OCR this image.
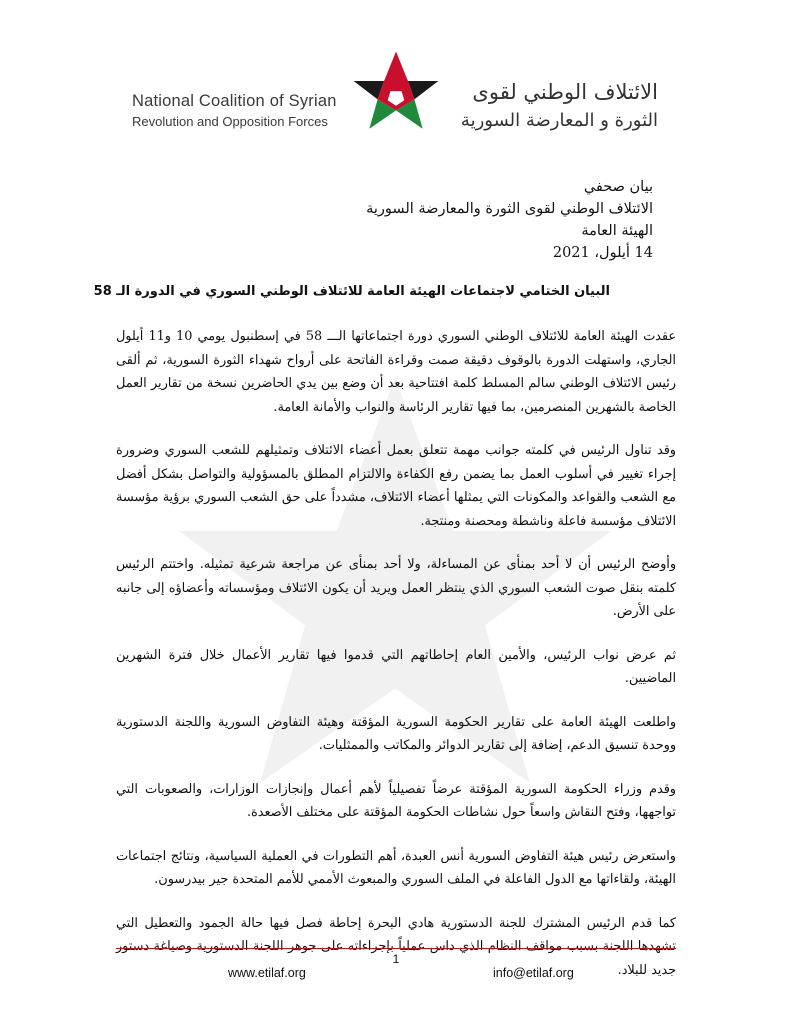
National Coalition of Syrian
Revolution and Opposition Forces
الائتلاف الوطني لقوى
الثورة و المعارضة السورية
بيان صحفي
الائتلاف الوطني لقوى الثورة والمعارضة السورية
الهيئة العامة
14 أيلول، 2021
البيان الختامي لاجتماعات الهيئة العامة للائتلاف الوطني السوري في الدورة الـ 58

عقدت الهيئة العامة للائتلاف الوطني السوري دورة اجتماعاتها الـــ 58 في إسطنبول يومي 10 و11 أيلول الجاري، واستهلت الدورة بالوقوف دقيقة صمت وقراءة الفاتحة على أرواح شهداء الثورة السورية، ثم ألقى رئيس الائتلاف الوطني سالم المسلط كلمة افتتاحية بعد أن وضع بين يدي الحاضرين نسخة من تقارير العمل الخاصة بالشهرين المنصرمين، بما فيها تقارير الرئاسة والنواب والأمانة العامة.

وقد تناول الرئيس في كلمته جوانب مهمة تتعلق بعمل أعضاء الائتلاف وتمثيلهم للشعب السوري وضرورة إجراء تغيير في أسلوب العمل بما يضمن رفع الكفاءة والالتزام المطلق بالمسؤولية والتواصل بشكل أفضل مع الشعب والقواعد والمكونات التي يمثلها أعضاء الائتلاف، مشدداً على حق الشعب السوري برؤية مؤسسة الائتلاف مؤسسة فاعلة وناشطة ومحصنة ومنتجة.

وأوضح الرئيس أن لا أحد بمنأى عن المساءلة، ولا أحد بمنأى عن مراجعة شرعية تمثيله. واختتم الرئيس كلمته بنقل صوت الشعب السوري الذي ينتظر العمل ويريد أن يكون الائتلاف ومؤسساته وأعضاؤه إلى جانبه على الأرض.

ثم عرض نواب الرئيس، والأمين العام إحاطاتهم التي قدموا فيها تقارير الأعمال خلال فترة الشهرين الماضيين.

واطلعت الهيئة العامة على تقارير الحكومة السورية المؤقتة وهيئة التفاوض السورية واللجنة الدستورية ووحدة تنسيق الدعم، إضافة إلى تقارير الدوائر والمكاتب والممثليات.

وقدم وزراء الحكومة السورية المؤقتة عرضاً تفصيلياً لأهم أعمال وإنجازات الوزارات، والصعوبات التي تواجهها، وفتح النقاش واسعاً حول نشاطات الحكومة المؤقتة على مختلف الأصعدة.

واستعرض رئيس هيئة التفاوض السورية أنس العبدة، أهم التطورات في العملية السياسية، ونتائج اجتماعات الهيئة، ولقاءاتها مع الدول الفاعلة في الملف السوري والمبعوث الأممي للأمم المتحدة جير بيدرسون.

كما قدم الرئيس المشترك للجنة الدستورية هادي البحرة إحاطة فصل فيها حالة الجمود والتعطيل التي تشهدها اللجنة بسبب مواقف النظام الذي داس عملياً بإجراءاته على جوهر اللجنة الدستورية وصياغة دستور جديد للبلاد.

1
www.etilaf.org	info@etilaf.org
